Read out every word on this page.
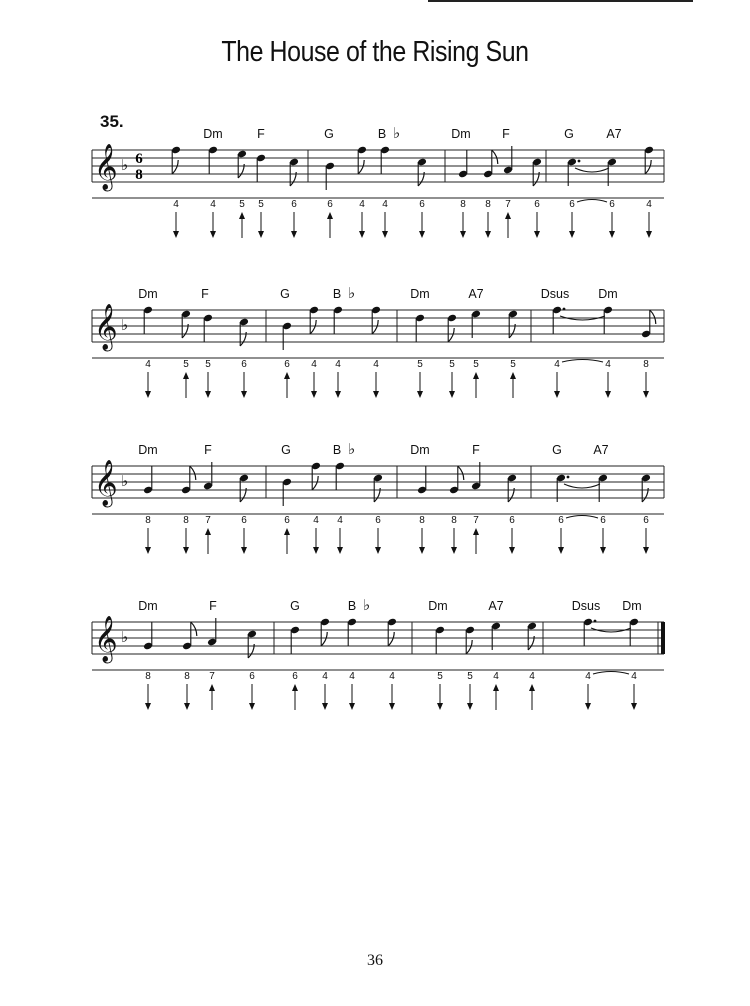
The House of the Rising Sun
35.
Dm	F	G	B ♭	Dm	F	G	A7
𝄞 ♭ 6
8
4	4 5 5	6	6	4 4	6	8 8 7 6	6	6	4
Dm	F	G	B ♭	Dm	A7	Dsus Dm
𝄞 ♭
4	5 5	6	6 4 4	4	5	5 5	5	4	4	8
Dm	F	G	B ♭	Dm	F	G	A7
𝄞 ♭
8	8 7	6	6 4 4	6	8	8 7	6	6	6	6
Dm	F	G	B ♭	Dm	A7	Dsus Dm
𝄞 ♭
8	8 7	6	6 4 4	4	5 5 4	4	4	4
36
